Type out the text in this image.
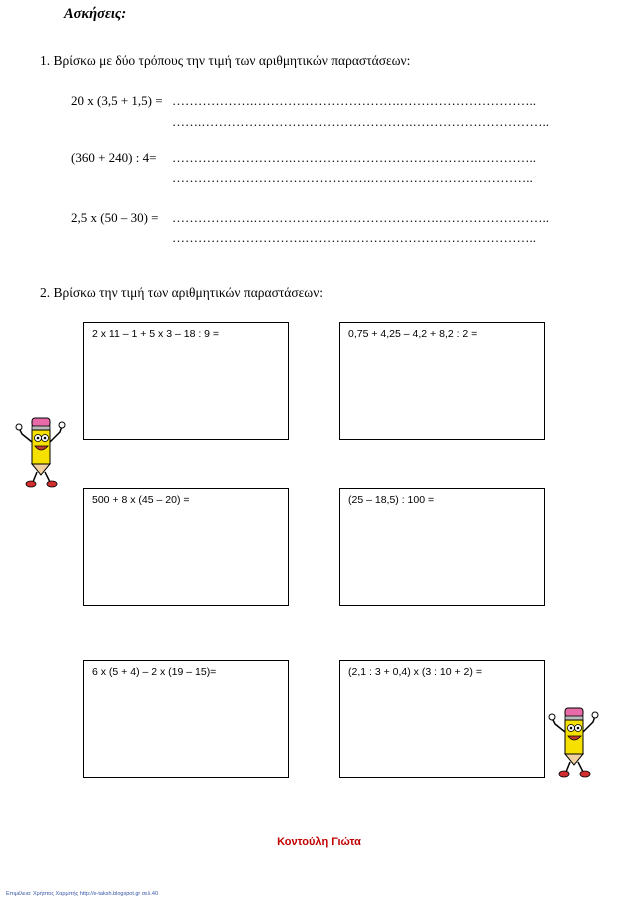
Ασκήσεις:
1. Βρίσκω με δύο τρόπους την τιμή των αριθμητικών παραστάσεων:
20 x (3,5 + 1,5) = ……………….…………………………….…………………………..
…….………………………………………….…………………………..
(360 + 240) : 4= ……………………….…………………………………….…………..
……………………………………….………………………………..
2,5 x (50 – 30) = ……………….…………………………………….……………………..
………………………….……….……………………………………..
2. Βρίσκω την τιμή των αριθμητικών παραστάσεων:
2 x 11 – 1 + 5 x 3 – 18 : 9 =	0,75 + 4,25 – 4,2 + 8,2 : 2 =
500 + 8 x (45 – 20) =	(25 – 18,5) : 100 =
6 x (5 + 4) – 2 x (19 – 15)=	(2,1 : 3 + 0,4) x (3 : 10 + 2) =
Κοντούλη Γιώτα
Επιμέλεια: Χρήστος Χαρμπής http://e-taksh.blogspot.gr σελ.40
